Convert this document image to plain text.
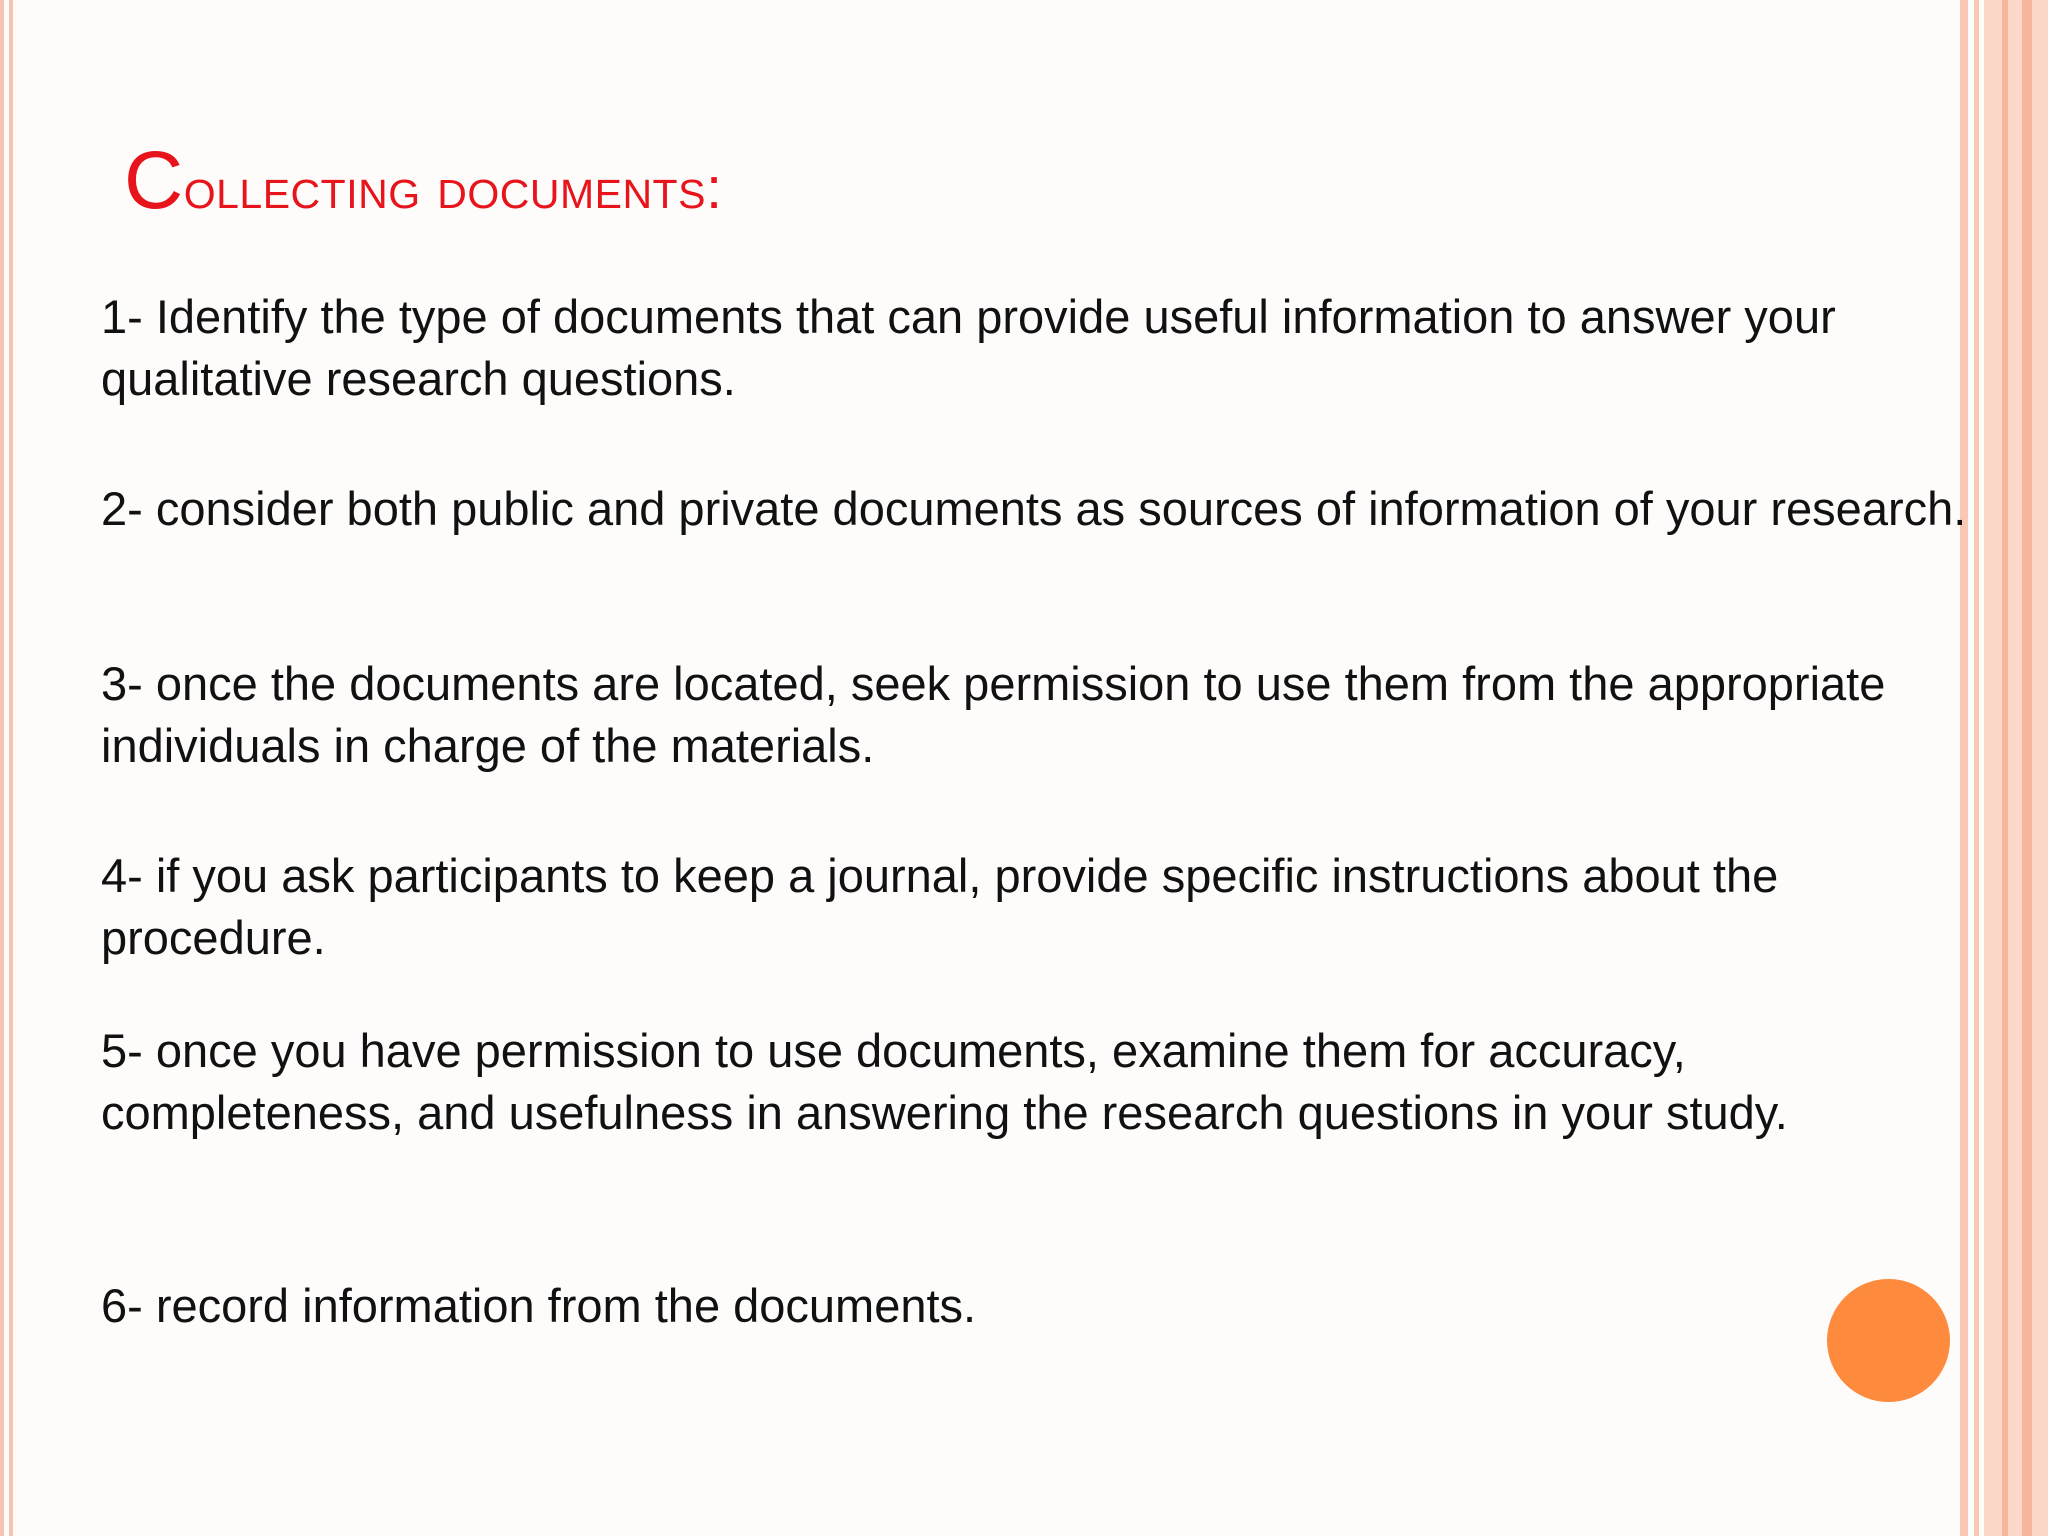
Collecting documents:
1- Identify the type of documents that can provide useful information to answer your qualitative research questions.
2- consider both public and private documents as sources of information of your research.
3- once the documents are located, seek permission to use them from the appropriate individuals in charge of the materials.
4- if you ask participants to keep a journal, provide specific instructions about the procedure.
5- once you have permission to use documents, examine them for accuracy, completeness, and usefulness in answering the research questions in your study.
6- record information from the documents.
